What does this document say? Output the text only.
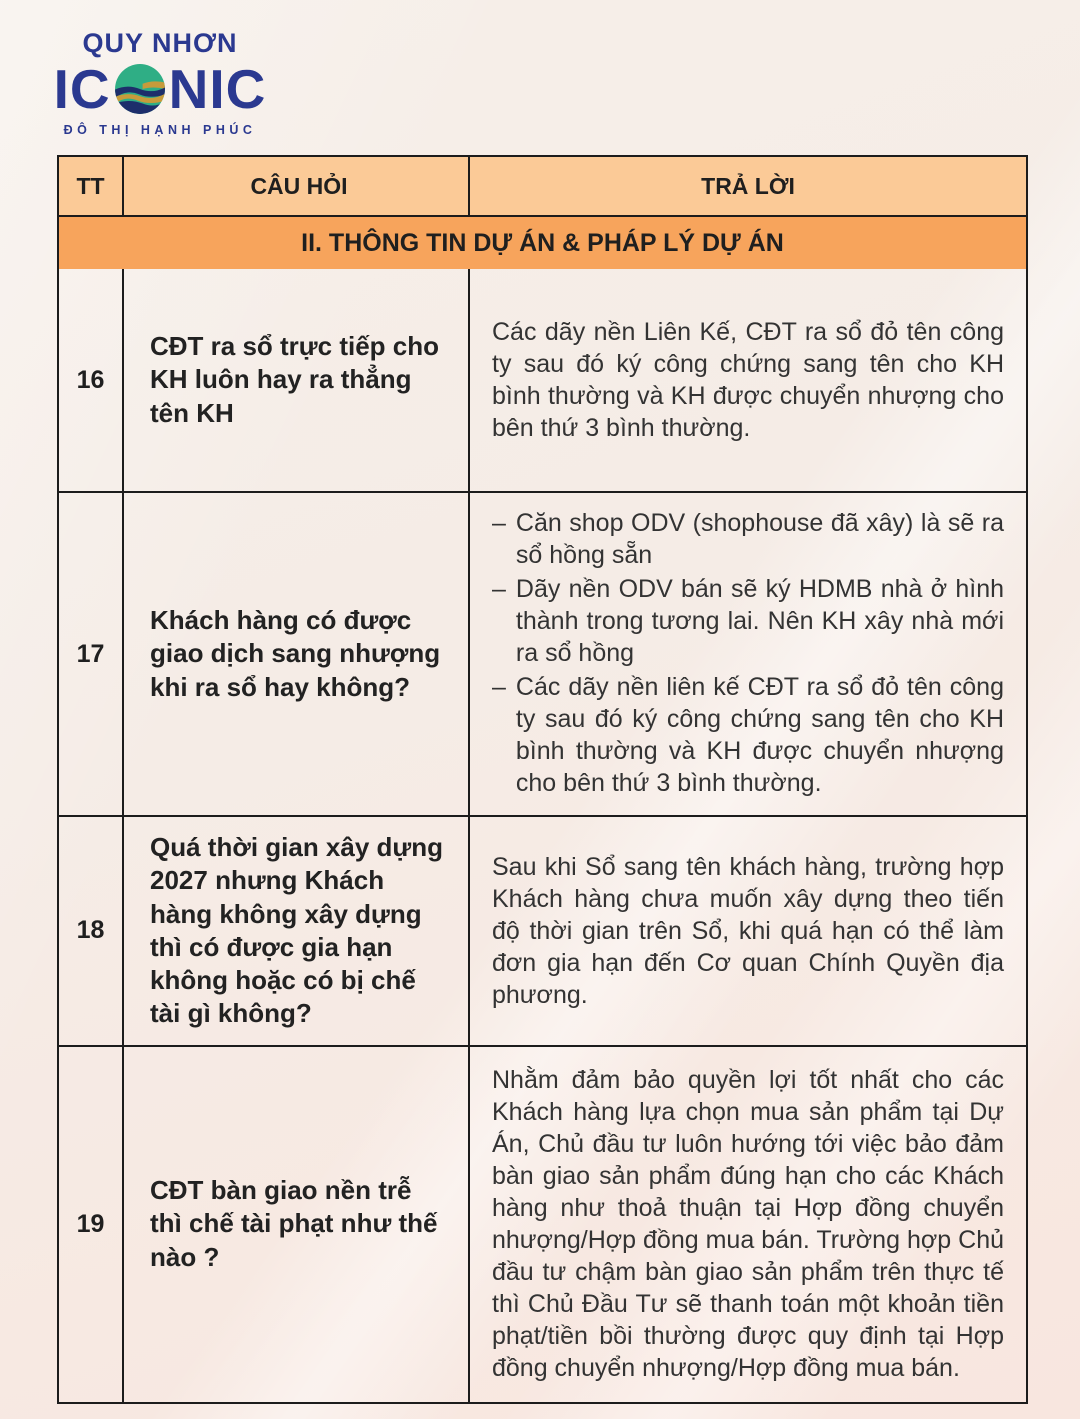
QUY NHƠN
IC NIC
ĐÔ THỊ HẠNH PHÚC
TT	CÂU HỎI	TRẢ LỜI
II. THÔNG TIN DỰ ÁN & PHÁP LÝ DỰ ÁN
16
CĐT ra sổ trực tiếp cho KH luôn hay ra thẳng tên KH

Các dãy nền Liên Kế, CĐT ra sổ đỏ tên công ty sau đó ký công chứng sang tên cho KH bình thường và KH được chuyển nhượng cho bên thứ 3 bình thường.

17
Khách hàng có được giao dịch sang nhượng khi ra sổ hay không?
– Căn shop ODV (shophouse đã xây) là sẽ ra sổ hồng sẵn
– Dãy nền ODV bán sẽ ký HDMB nhà ở hình thành trong tương lai. Nên KH xây nhà mới ra sổ hồng
– Các dãy nền liên kế CĐT ra sổ đỏ tên công ty sau đó ký công chứng sang tên cho KH bình thường và KH được chuyển nhượng cho bên thứ 3 bình thường.
18
Quá thời gian xây dựng 2027 nhưng Khách hàng không xây dựng thì có được gia hạn không hoặc có bị chế tài gì không?

Sau khi Sổ sang tên khách hàng, trường hợp Khách hàng chưa muốn xây dựng theo tiến độ thời gian trên Sổ, khi quá hạn có thể làm đơn gia hạn đến Cơ quan Chính Quyền địa phương.

19
CĐT bàn giao nền trễ thì chế tài phạt như thế nào ?

Nhằm đảm bảo quyền lợi tốt nhất cho các Khách hàng lựa chọn mua sản phẩm tại Dự Án, Chủ đầu tư luôn hướng tới việc bảo đảm bàn giao sản phẩm đúng hạn cho các Khách hàng như thoả thuận tại Hợp đồng chuyển nhượng/Hợp đồng mua bán. Trường hợp Chủ đầu tư chậm bàn giao sản phẩm trên thực tế thì Chủ Đầu Tư sẽ thanh toán một khoản tiền phạt/tiền bồi thường được quy định tại Hợp đồng chuyển nhượng/Hợp đồng mua bán.
